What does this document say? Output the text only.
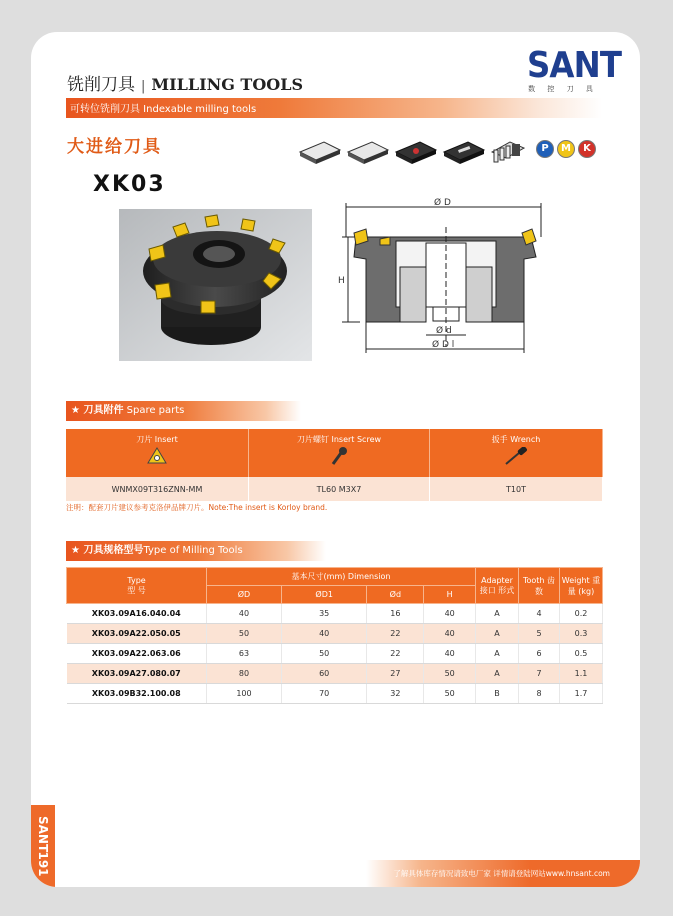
铣削刀具 | MILLING TOOLS	SANT
数 控 刀 具
可转位铣削刀具 Indexable milling tools
大进给刀具
XK03
P M K
Ø D
H
Ø d
Ø D l
★ 刀具附件 Spare parts
刀片 Insert	刀片螺钉 Insert Screw	扳手 Wrench

WNMX09T316ZNN-MM	TL60 M3X7	T10T
注明：配套刀片建议参考克洛伊品牌刀片。Note:The insert is Korloy brand.
★ 刀具规格型号Type of Milling Tools
Type
型 号	基本尺寸(mm) Dimension				Adapter 接口 形式	Tooth 齿数	Weight 重量 (kg)
	ØD	ØD1	Ød	H			
XK03.09A16.040.04	40	35	16	40	A	4	0.2
XK03.09A22.050.05	50	40	22	40	A	5	0.3
XK03.09A22.063.06	63	50	22	40	A	6	0.5
XK03.09A27.080.07	80	60	27	50	A	7	1.1
XK03.09B32.100.08	100	70	32	50	B	8	1.7
SANT
191	了解具体库存情况请致电厂家 详情请登陆网站www.hnsant.com
